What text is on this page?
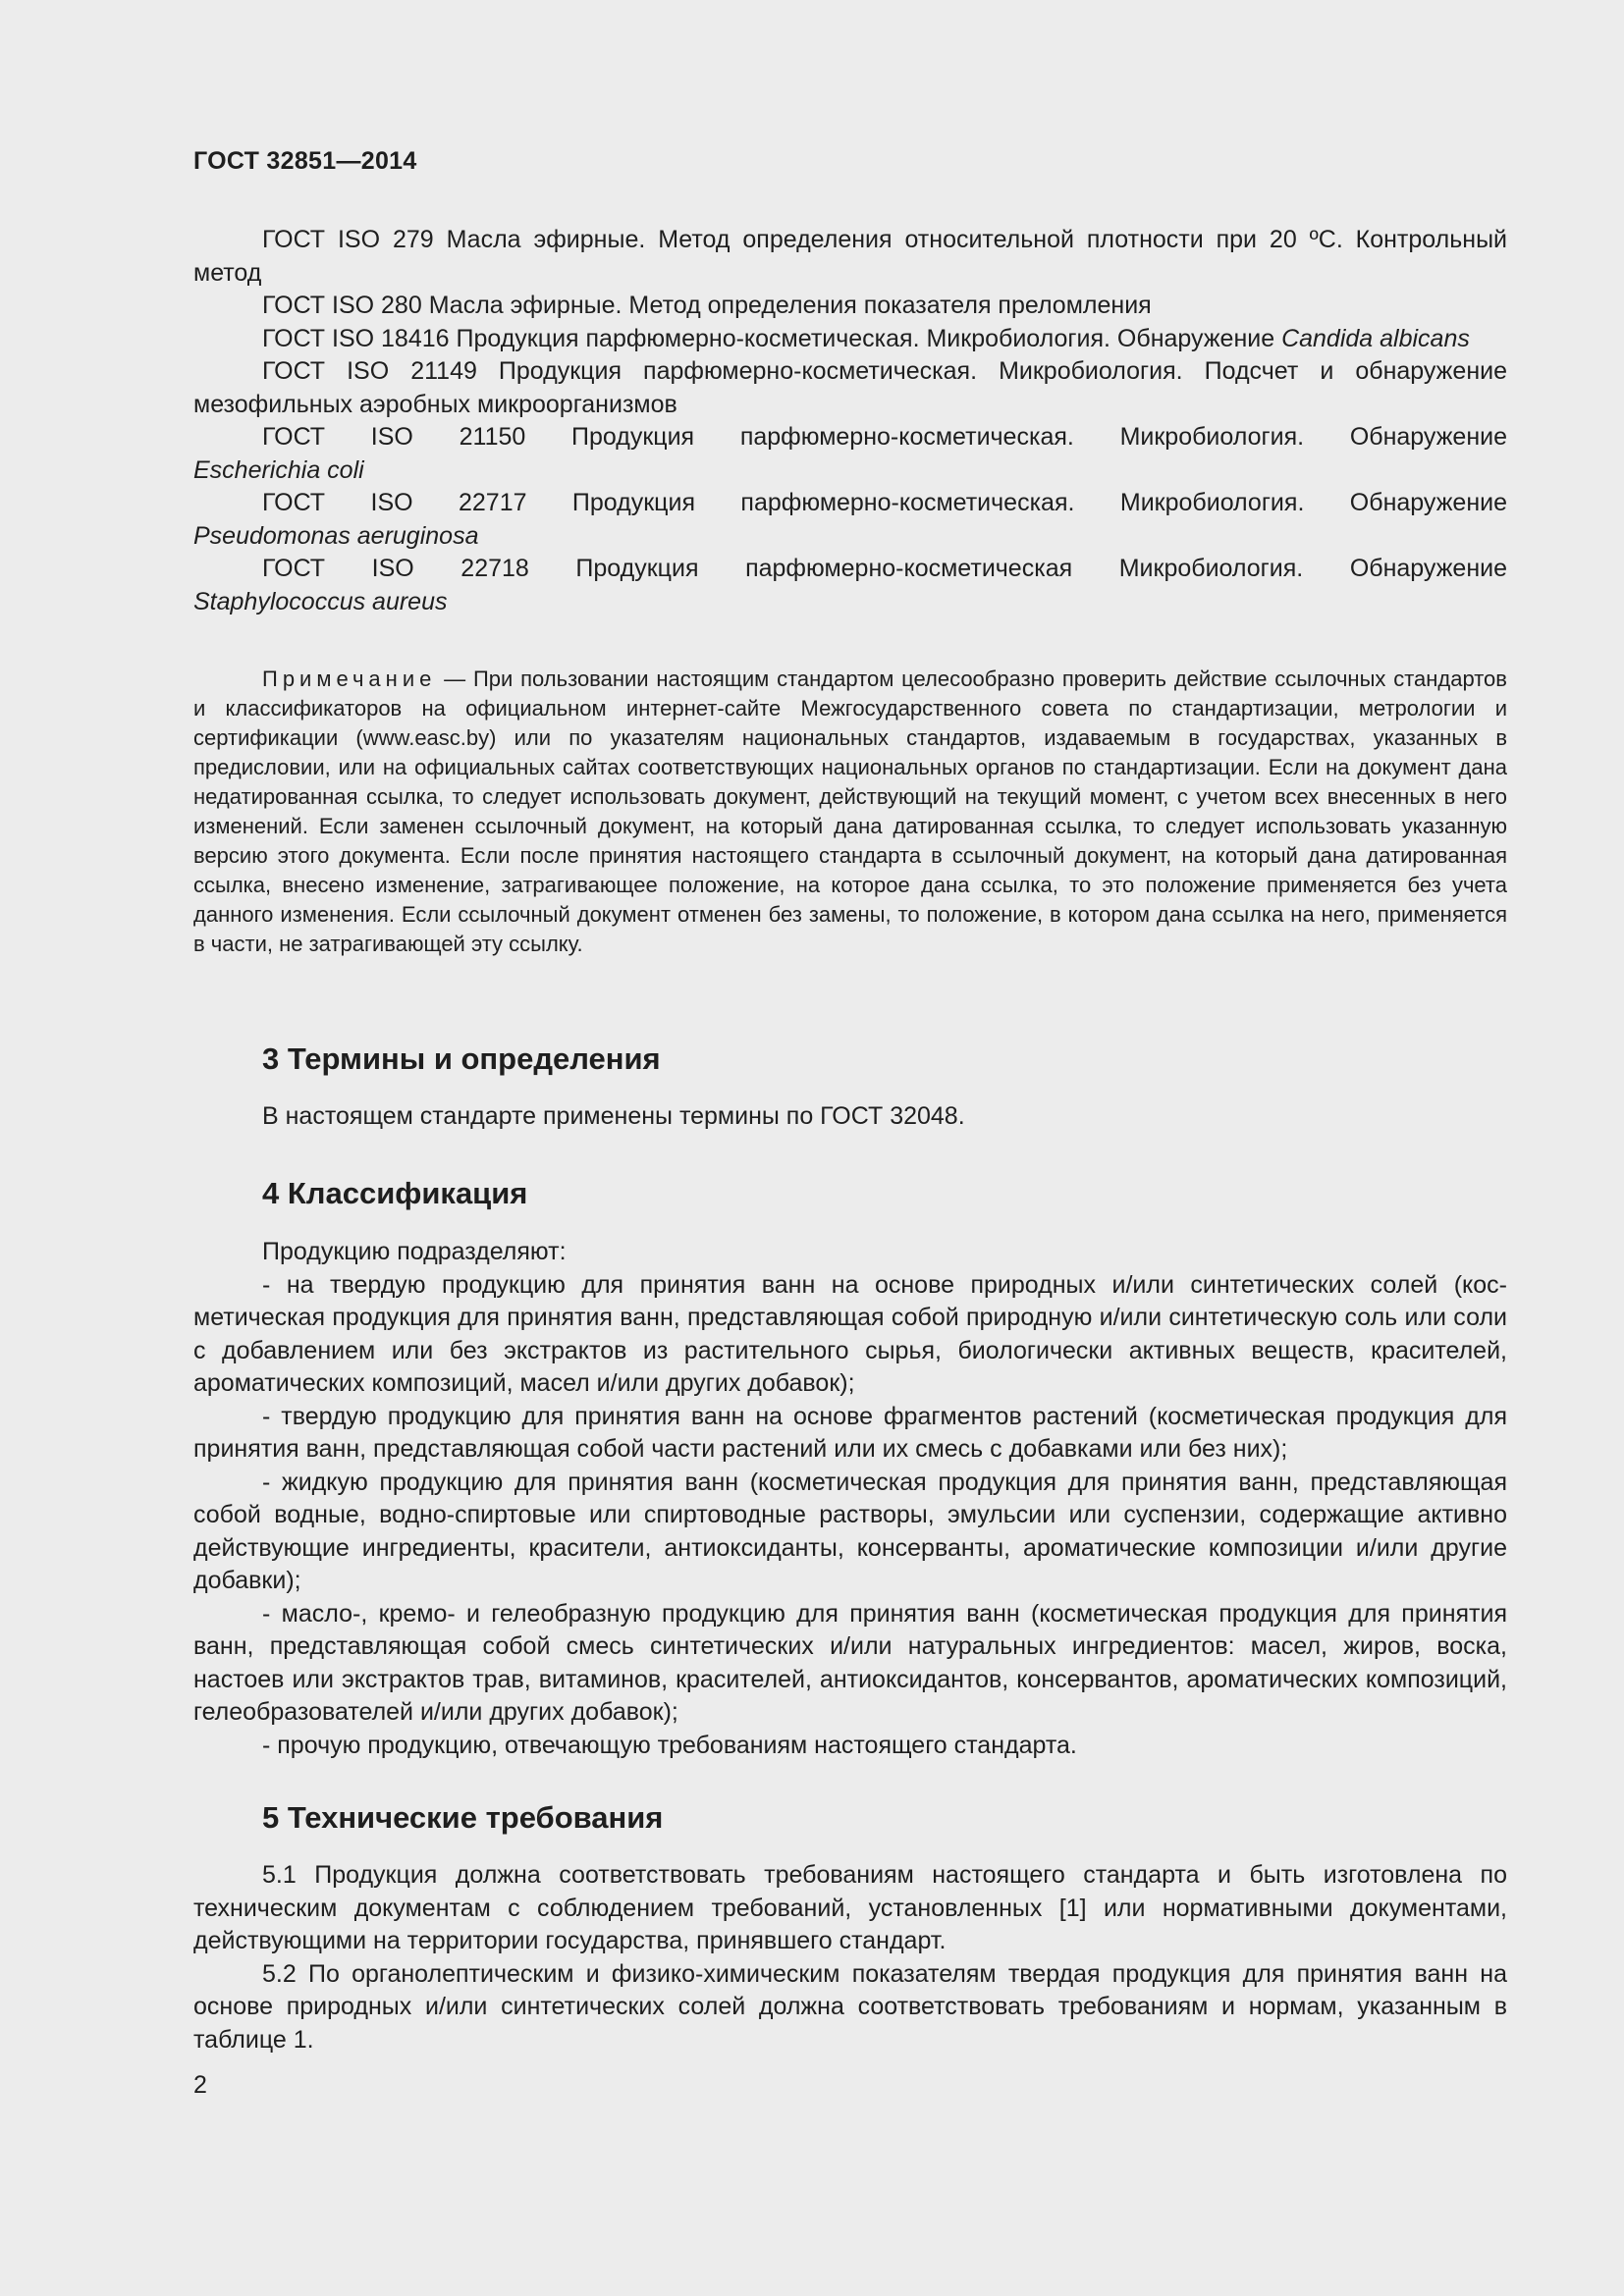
ГОСТ 32851—2014

ГОСТ ISO 279 Масла эфирные. Метод определения относительной плотности при 20 ºС. Контрольный метод

ГОСТ ISO 280 Масла эфирные. Метод определения показателя преломления

ГОСТ ISO 18416 Продукция парфюмерно-косметическая. Микробиология. Обнаружение Candida albicans

ГОСТ ISO 21149 Продукция парфюмерно-косметическая. Микробиология. Подсчет и обнаружение мезофильных аэробных микроорганизмов

ГОСТ ISO 21150 Продукция парфюмерно-косметическая. Микробиология. Обнаружение
Escherichia coli

ГОСТ ISO 22717 Продукция парфюмерно-косметическая. Микробиология. Обнаружение
Pseudomonas aeruginosa

ГОСТ ISO 22718 Продукция парфюмерно-косметическая Микробиология. Обнаружение
Staphylococcus aureus

Примечание — При пользовании настоящим стандартом целесообразно проверить действие ссылочных стандартов и классификаторов на официальном интернет-сайте Межгосударственного совета по стандартизации, метрологии и сертификации (www.easc.by) или по указателям национальных стандартов, издаваемым в государствах, указанных в предисловии, или на официальных сайтах соответствующих национальных органов по стандартизации. Если на документ дана недатированная ссылка, то следует использовать документ, действующий на текущий момент, с учетом всех внесенных в него изменений. Если заменен ссылочный документ, на который дана датированная ссылка, то следует использовать указанную версию этого документа. Если после принятия настоящего стандарта в ссылочный документ, на который дана датированная ссылка, внесено изменение, затрагивающее положение, на которое дана ссылка, то это положение применяется без учета данного изменения. Если ссылочный документ отменен без замены, то положение, в котором дана ссылка на него, применяется в части, не затрагивающей эту ссылку.

3 Термины и определения

В настоящем стандарте применены термины по ГОСТ 32048.

4 Классификация

Продукцию подразделяют:

- на твердую продукцию для принятия ванн на основе природных и/или синтетических солей (косметическая продукция для принятия ванн, представляющая собой природную и/или синтетическую соль или соли с добавлением или без экстрактов из растительного сырья, биологически активных веществ, красителей, ароматических композиций, масел и/или других добавок);

- твердую продукцию для принятия ванн на основе фрагментов растений (косметическая продукция для принятия ванн, представляющая собой части растений или их смесь с добавками или без них);

- жидкую продукцию для принятия ванн (косметическая продукция для принятия ванн, представляющая собой водные, водно-спиртовые или спиртоводные растворы, эмульсии или суспензии, содержащие активно действующие ингредиенты, красители, антиоксиданты, консерванты, ароматические композиции и/или другие добавки);

- масло-, кремо- и гелеобразную продукцию для принятия ванн (косметическая продукция для принятия ванн, представляющая собой смесь синтетических и/или натуральных ингредиентов: масел, жиров, воска, настоев или экстрактов трав, витаминов, красителей, антиоксидантов, консервантов, ароматических композиций, гелеобразователей и/или других добавок);

- прочую продукцию, отвечающую требованиям настоящего стандарта.

5 Технические требования

5.1 Продукция должна соответствовать требованиям настоящего стандарта и быть изготовлена по техническим документам с соблюдением требований, установленных [1] или нормативными документами, действующими на территории государства, принявшего стандарт.

5.2 По органолептическим и физико-химическим показателям твердая продукция для принятия ванн на основе природных и/или синтетических солей должна соответствовать требованиям и нормам, указанным в таблице 1.

2
